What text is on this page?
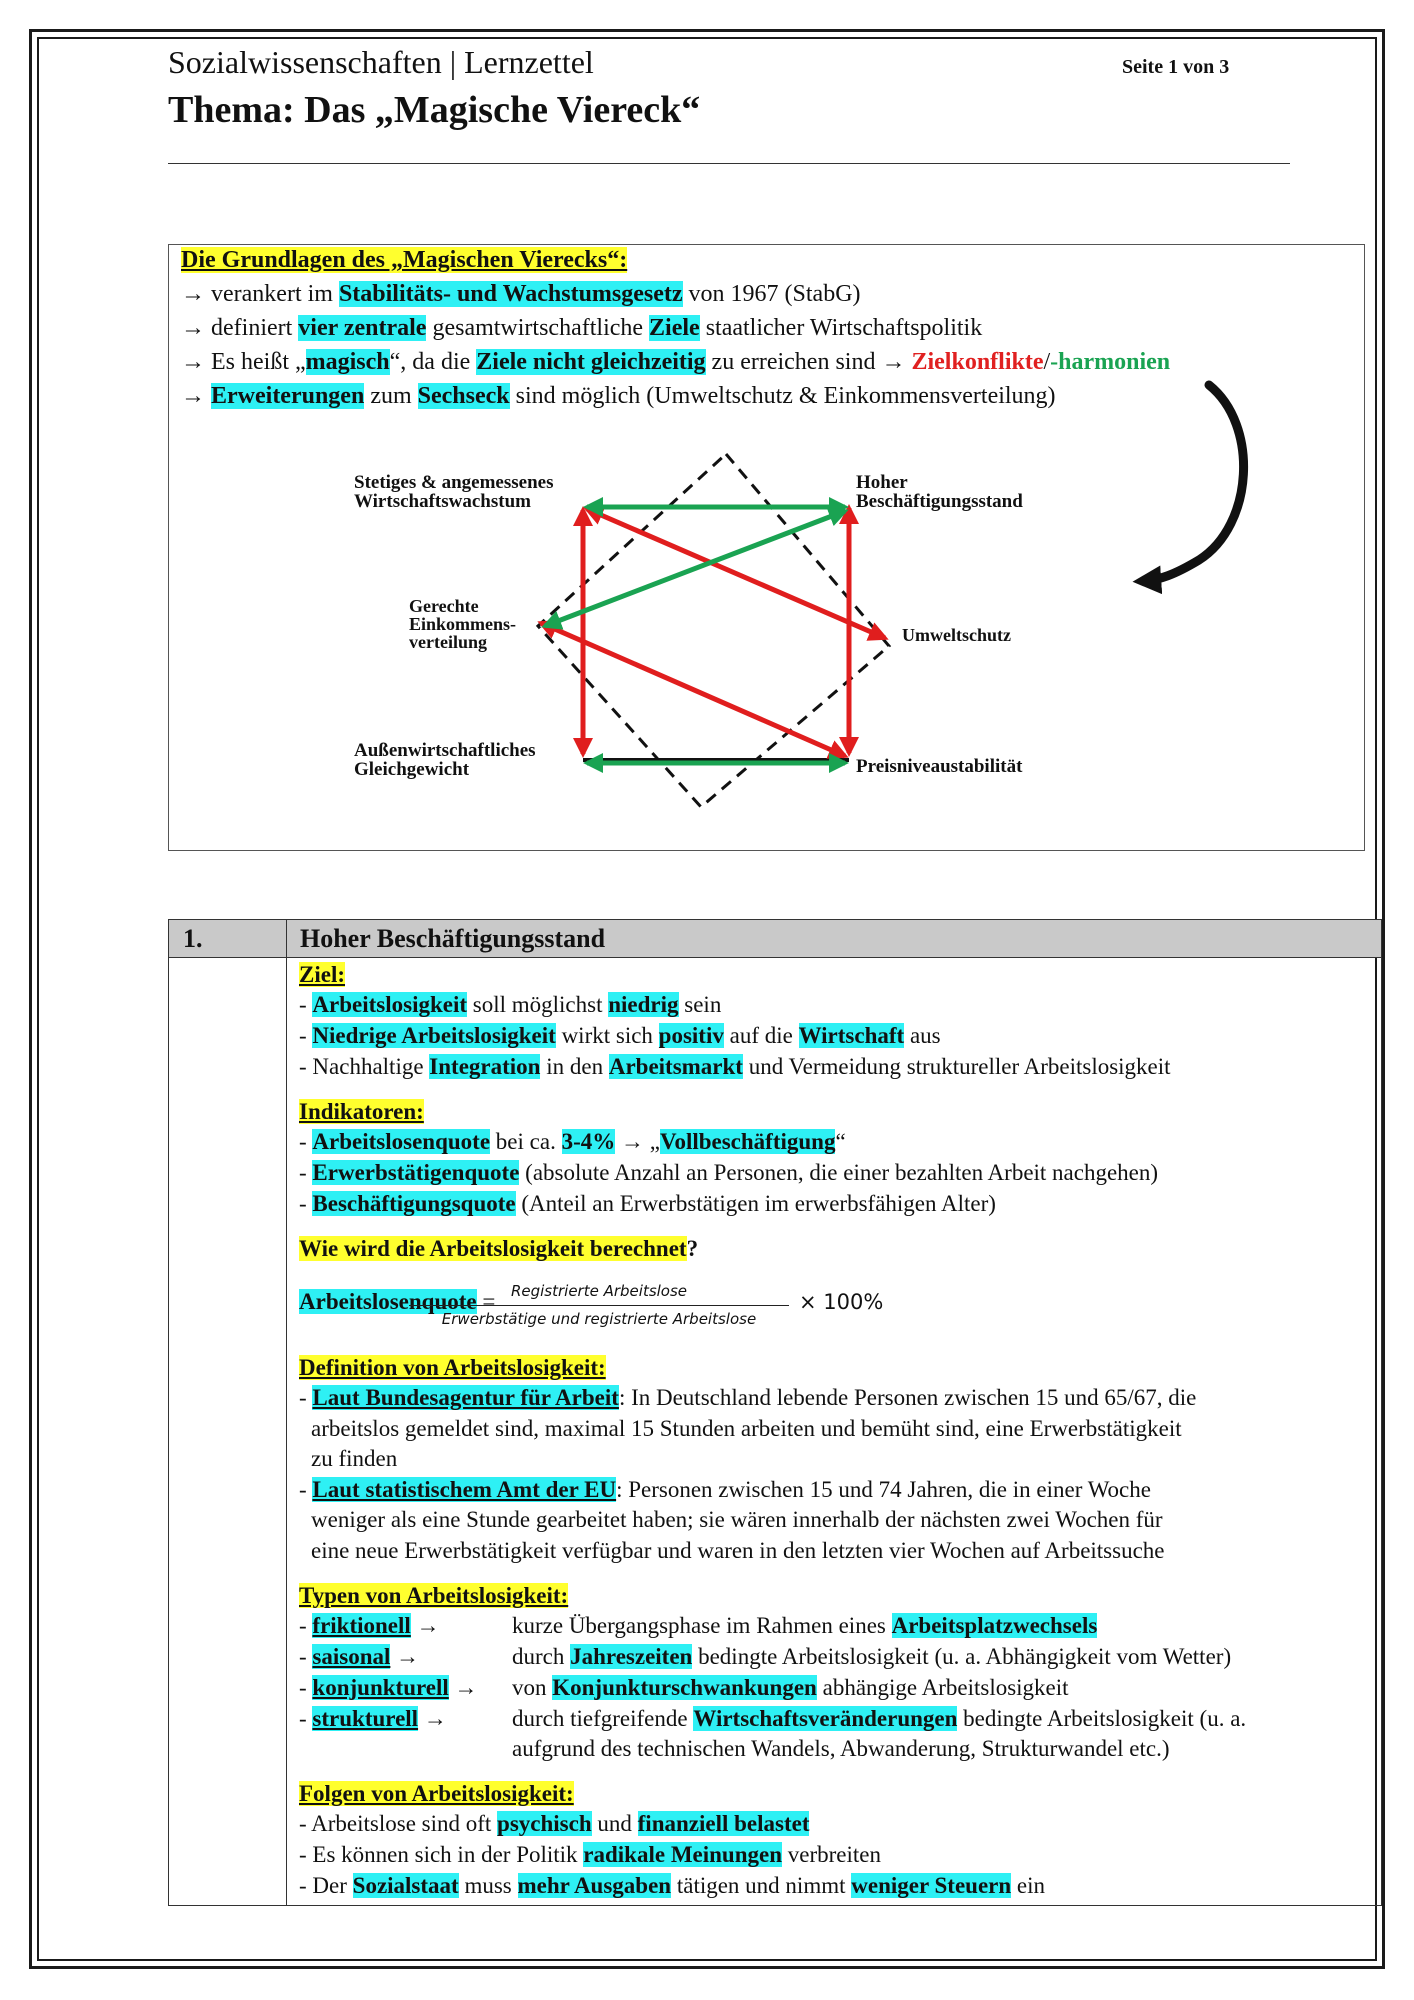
Sozialwissenschaften | Lernzettel
Thema: Das „Magische Viereck“
Seite 1 von 3
Die Grundlagen des „Magischen Vierecks“:
→ verankert im Stabilitäts- und Wachstumsgesetz von 1967 (StabG)
→ definiert vier zentrale gesamtwirtschaftliche Ziele staatlicher Wirtschaftspolitik
→ Es heißt „magisch“, da die Ziele nicht gleichzeitig zu erreichen sind → Zielkonflikte/-harmonien
→ Erweiterungen zum Sechseck sind möglich (Umweltschutz & Einkommensverteilung)
Stetiges & angemessenes
Wirtschaftswachstum
Hoher
Beschäftigungsstand
Gerechte
Einkommens-
verteilung	Umweltschutz
Außenwirtschaftliches
Gleichgewicht	Preisniveaustabilität
1.	Hoher Beschäftigungsstand
Ziel:
- Arbeitslosigkeit soll möglichst niedrig sein
- Niedrige Arbeitslosigkeit wirkt sich positiv auf die Wirtschaft aus
- Nachhaltige Integration in den Arbeitsmarkt und Vermeidung struktureller Arbeitslosigkeit
Indikatoren:
- Arbeitslosenquote bei ca. 3-4% → „Vollbeschäftigung“
- Erwerbstätigenquote (absolute Anzahl an Personen, die einer bezahlten Arbeit nachgehen)
- Beschäftigungsquote (Anteil an Erwerbstätigen im erwerbsfähigen Alter)
Wie wird die Arbeitslosigkeit berechnet?
Arbeitslosenquote =	Registrierte Arbeitslose
Erwerbstätige und registrierte Arbeitslose
× 100%
Definition von Arbeitslosigkeit:
- Laut Bundesagentur für Arbeit: In Deutschland lebende Personen zwischen 15 und 65/67, die
arbeitslos gemeldet sind, maximal 15 Stunden arbeiten und bemüht sind, eine Erwerbstätigkeit
zu finden
- Laut statistischem Amt der EU: Personen zwischen 15 und 74 Jahren, die in einer Woche
weniger als eine Stunde gearbeitet haben; sie wären innerhalb der nächsten zwei Wochen für
eine neue Erwerbstätigkeit verfügbar und waren in den letzten vier Wochen auf Arbeitssuche
Typen von Arbeitslosigkeit:
- friktionell →	kurze Übergangsphase im Rahmen eines Arbeitsplatzwechsels
- saisonal →	durch Jahreszeiten bedingte Arbeitslosigkeit (u. a. Abhängigkeit vom Wetter)
- konjunkturell → von Konjunkturschwankungen abhängige Arbeitslosigkeit
- strukturell →	durch tiefgreifende Wirtschaftsveränderungen bedingte Arbeitslosigkeit (u. a.
aufgrund des technischen Wandels, Abwanderung, Strukturwandel etc.)
Folgen von Arbeitslosigkeit:
- Arbeitslose sind oft psychisch und finanziell belastet
- Es können sich in der Politik radikale Meinungen verbreiten
- Der Sozialstaat muss mehr Ausgaben tätigen und nimmt weniger Steuern ein
